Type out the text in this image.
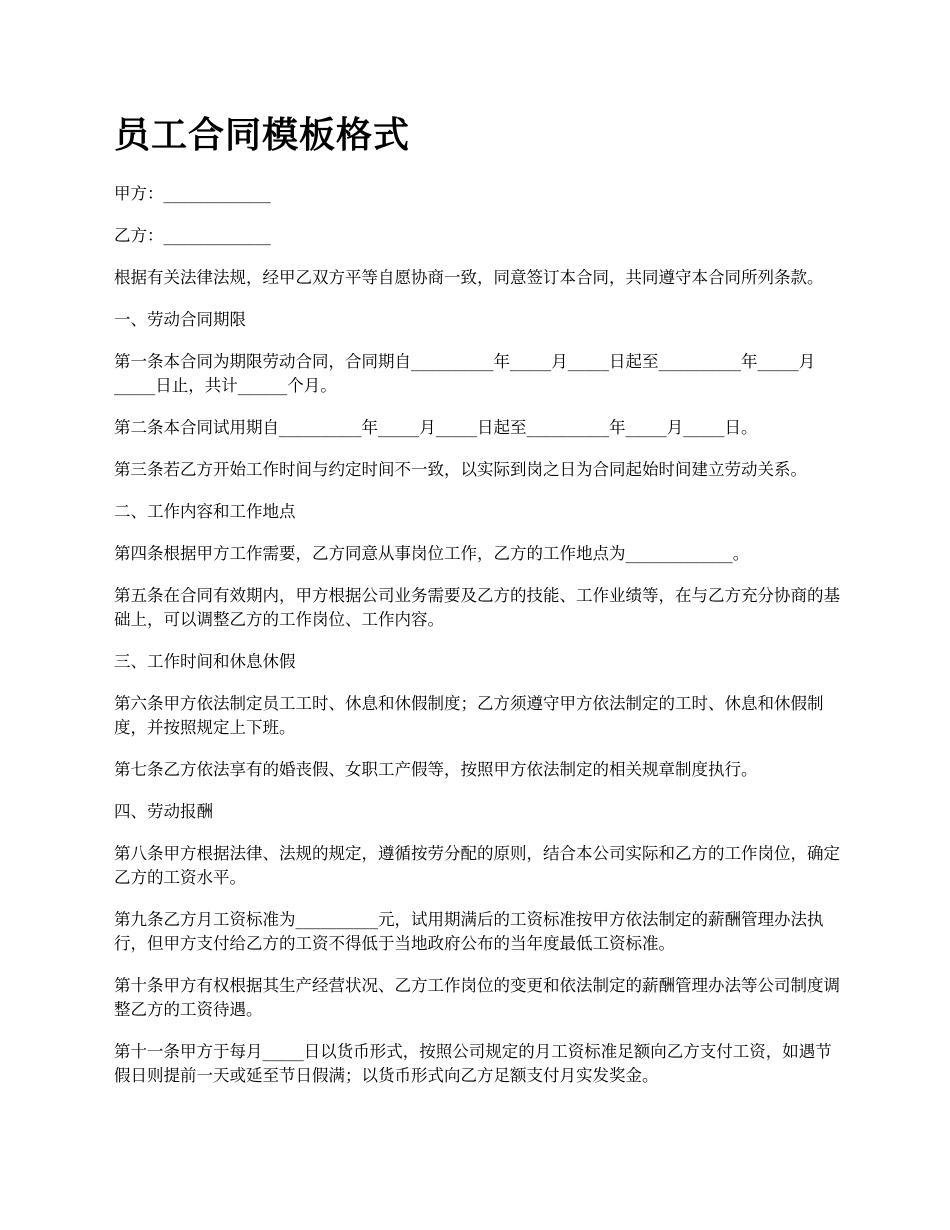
员工合同模板格式

甲方：_____________

乙方：_____________

根据有关法律法规，经甲乙双方平等自愿协商一致，同意签订本合同，共同遵守本合同所列条款。

一、劳动合同期限

第一条本合同为期限劳动合同，合同期自__________年_____月_____日起至__________年_____月_____日止，共计______个月。

第二条本合同试用期自__________年_____月_____日起至__________年_____月_____日。

第三条若乙方开始工作时间与约定时间不一致，以实际到岗之日为合同起始时间建立劳动关系。

二、工作内容和工作地点

第四条根据甲方工作需要，乙方同意从事岗位工作，乙方的工作地点为_____________。

第五条在合同有效期内，甲方根据公司业务需要及乙方的技能、工作业绩等，在与乙方充分协商的基础上，可以调整乙方的工作岗位、工作内容。

三、工作时间和休息休假

第六条甲方依法制定员工工时、休息和休假制度；乙方须遵守甲方依法制定的工时、休息和休假制度，并按照规定上下班。

第七条乙方依法享有的婚丧假、女职工产假等，按照甲方依法制定的相关规章制度执行。

四、劳动报酬

第八条甲方根据法律、法规的规定，遵循按劳分配的原则，结合本公司实际和乙方的工作岗位，确定乙方的工资水平。

第九条乙方月工资标准为__________元，试用期满后的工资标准按甲方依法制定的薪酬管理办法执行，但甲方支付给乙方的工资不得低于当地政府公布的当年度最低工资标准。

第十条甲方有权根据其生产经营状况、乙方工作岗位的变更和依法制定的薪酬管理办法等公司制度调整乙方的工资待遇。

第十一条甲方于每月_____日以货币形式，按照公司规定的月工资标准足额向乙方支付工资，如遇节假日则提前一天或延至节日假满；以货币形式向乙方足额支付月实发奖金。
